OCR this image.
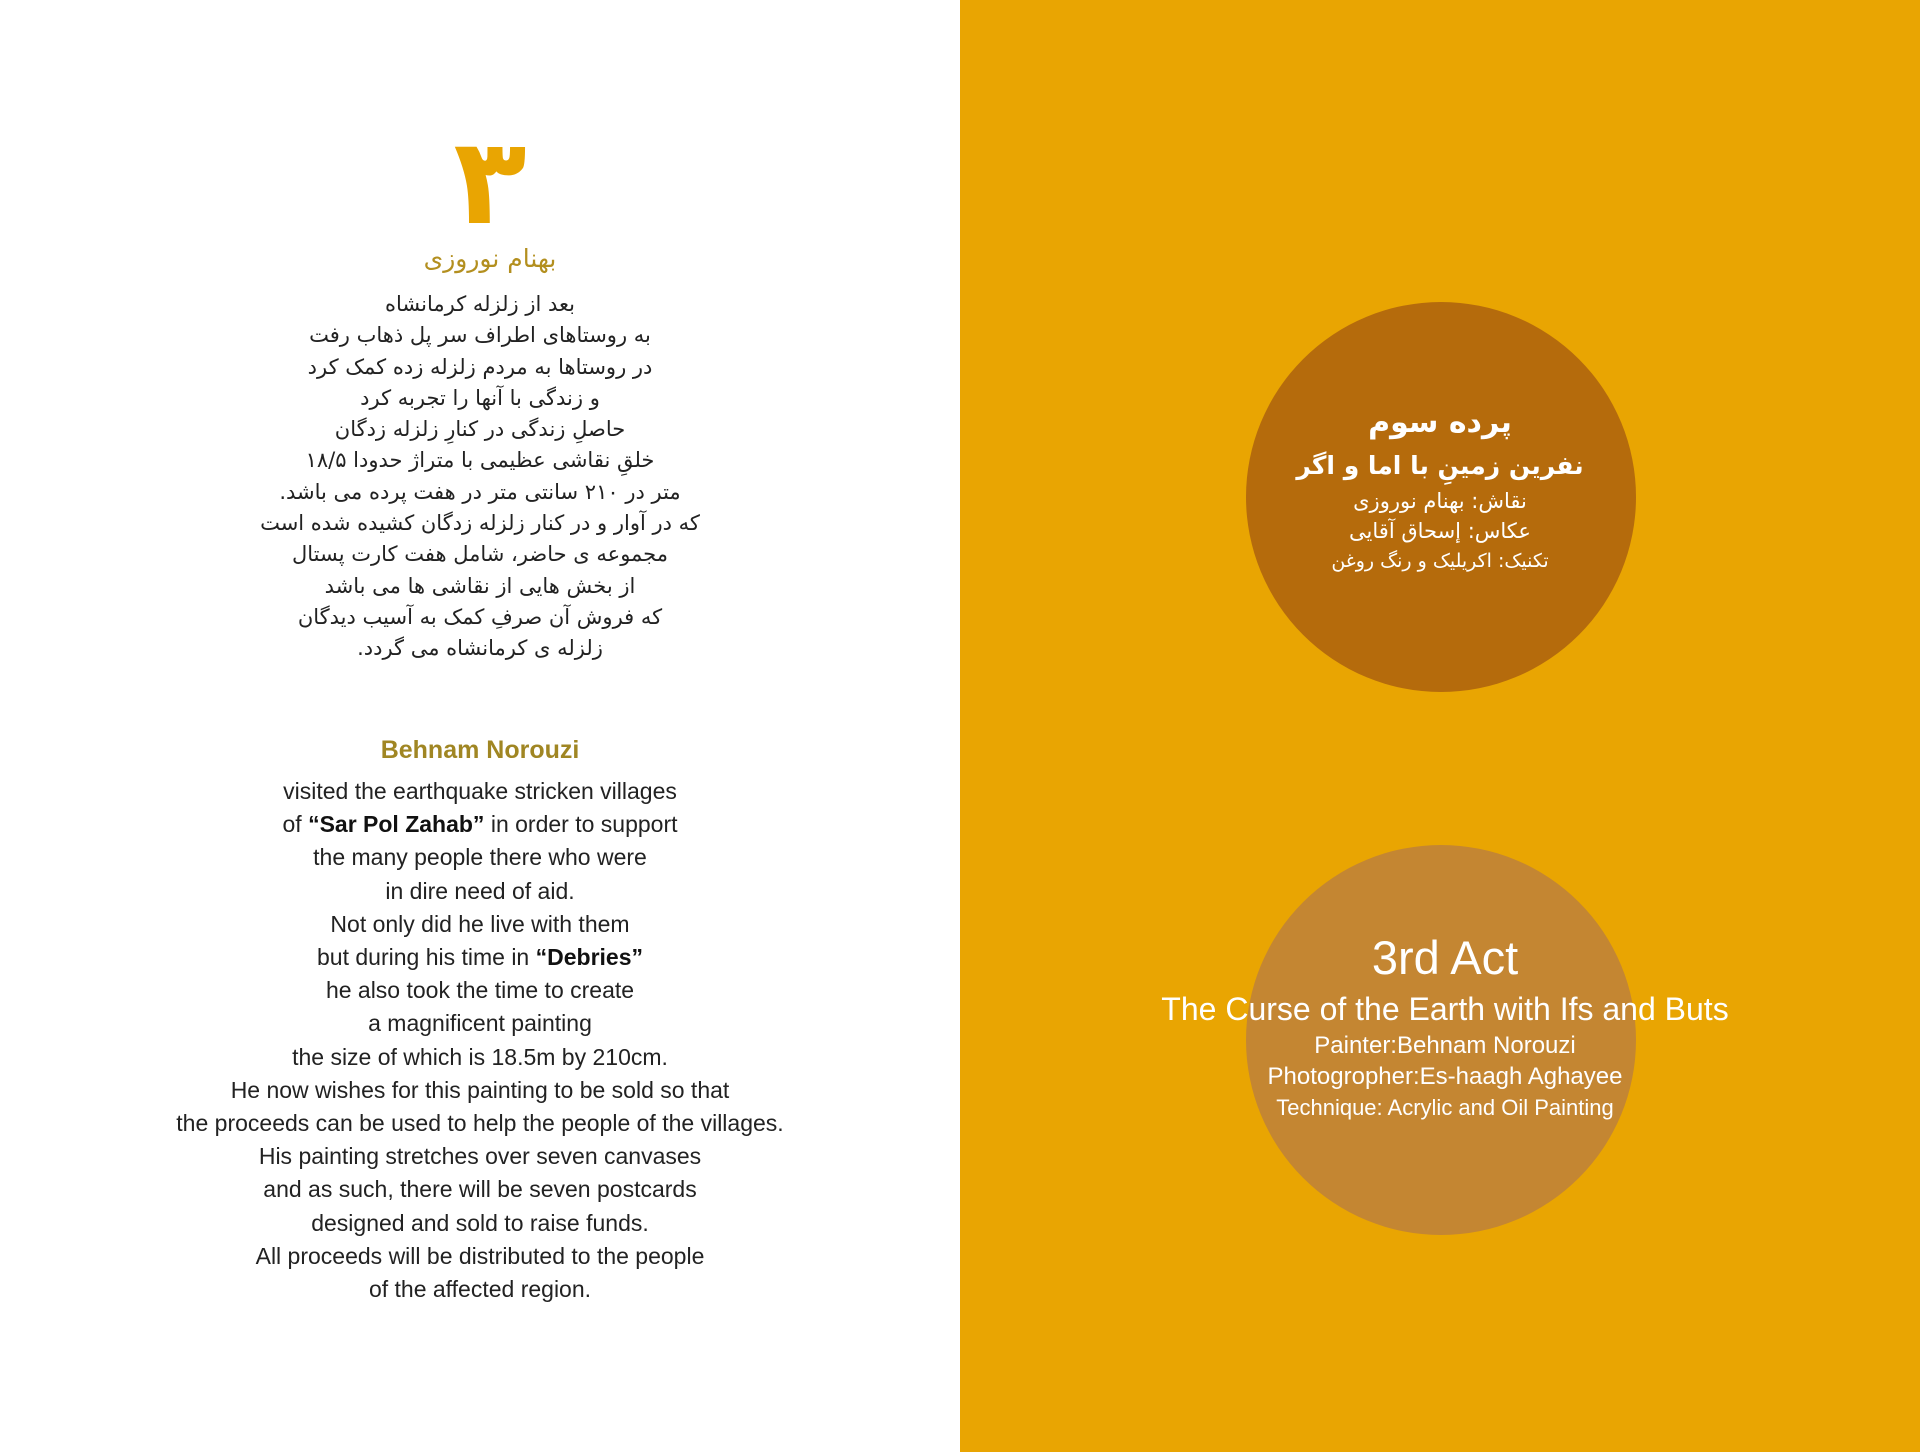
٣
بهنام نوروزی
بعد از زلزله کرمانشاه
به روستاهای اطراف سر پل ذهاب رفت
در روستاها به مردم زلزله زده کمک کرد
و زندگی با آنها را تجربه کرد
حاصلِ زندگی در کنارِ زلزله زدگان
خلقِ نقاشی عظیمی با متراژ حدودا ۱۸/۵
متر در ۲۱۰ سانتی متر در هفت پرده می باشد.
که در آوار و در کنار زلزله زدگان کشیده شده است
مجموعه ی حاضر، شامل هفت کارت پستال
از بخش هایی از نقاشی ها می باشد
که فروش آن صرفِ کمک به آسیب دیدگان
زلزله ی کرمانشاه می گردد.
Behnam Norouzi
visited the earthquake stricken villages
of “Sar Pol Zahab” in order to support
the many people there who were
in dire need of aid.
Not only did he live with them
but during his time in “Debries”
he also took the time to create
a magnificent painting
the size of which is 18.5m by 210cm.
He now wishes for this painting to be sold so that
the proceeds can be used to help the people of the villages.
His painting stretches over seven canvases
and as such, there will be seven postcards
designed and sold to raise funds.
All proceeds will be distributed to the people
of the affected region.
پرده سوم
نفرین زمینِ با اما و اگر
نقاش: بهنام نوروزی
عکاس: إسحاق آقایی
تکنیک: اکریلیک و رنگ روغن
3rd Act
The Curse of the Earth with Ifs and Buts
Painter:Behnam Norouzi
Photogropher:Es-haagh Aghayee
Technique: Acrylic and Oil Painting
